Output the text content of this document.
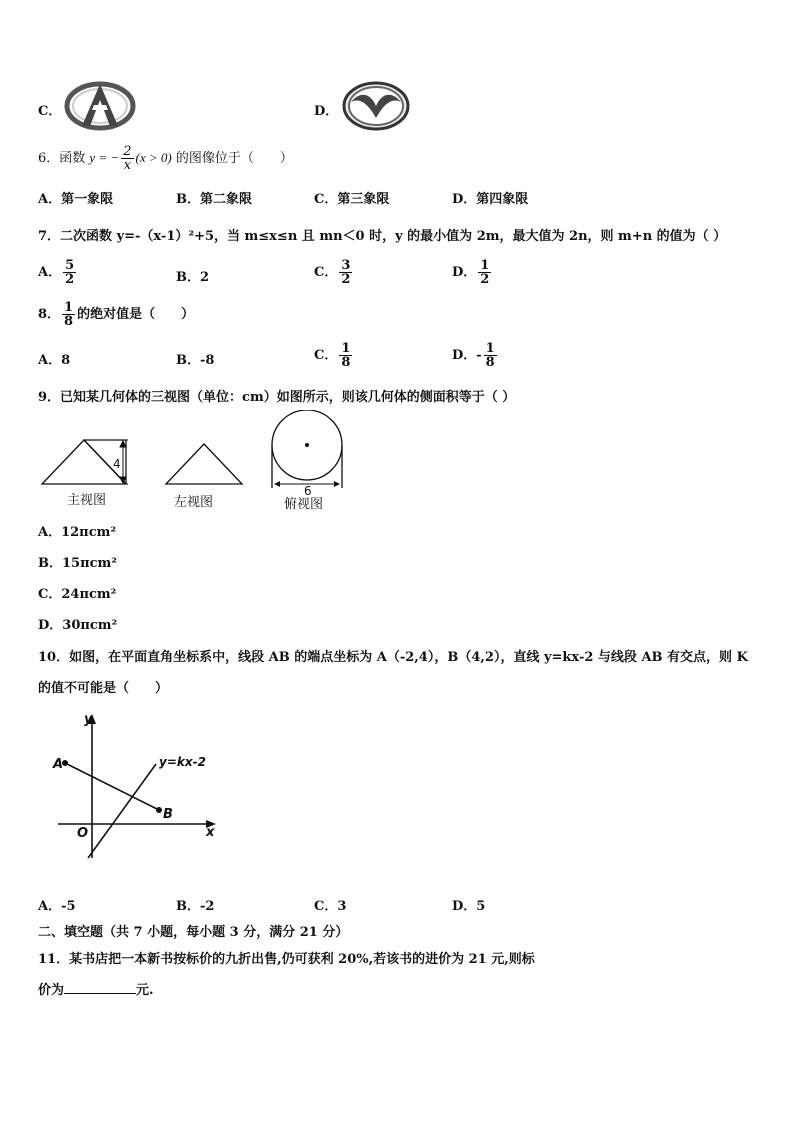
C．	D．
6．函数 y = − $\frac{2}{x} (x > 0)$ 的图像位于（　　）
A．第一象限	B．第二象限	C．第三象限	D．第四象限
7．二次函数 y=-（x-1）²+5，当 m≤x≤n 且 mn＜0 时，y 的最小值为 2m，最大值为 2n，则 m+n 的值为（ ）
A． $\frac{5}{2}$	B．2	C． $\frac{3}{2}$	D． $\frac{1}{2}$
8． $\frac{1}{8}$ 的绝对值是（　　）
A．8	B．-8	C． $\frac{1}{8}$	D．- $\frac{1}{8}$
9．已知某几何体的三视图（单位：cm）如图所示，则该几何体的侧面积等于（ ）
4
主视图	左视图
6
俯视图
A．12πcm²
B．15πcm²
C．24πcm²
D．30πcm²
10．如图，在平面直角坐标系中，线段 AB 的端点坐标为 A（-2,4），B（4,2），直线 y=kx-2 与线段 AB 有交点，则 K
的值不可能是（　　）
y
x
O
A
B
y=kx-2
A．-5	B．-2	C．3	D．5
二、填空题（共 7 小题，每小题 3 分，满分 21 分）
11．某书店把一本新书按标价的九折出售,仍可获利 20%,若该书的进价为 21 元,则标
价为	元.
